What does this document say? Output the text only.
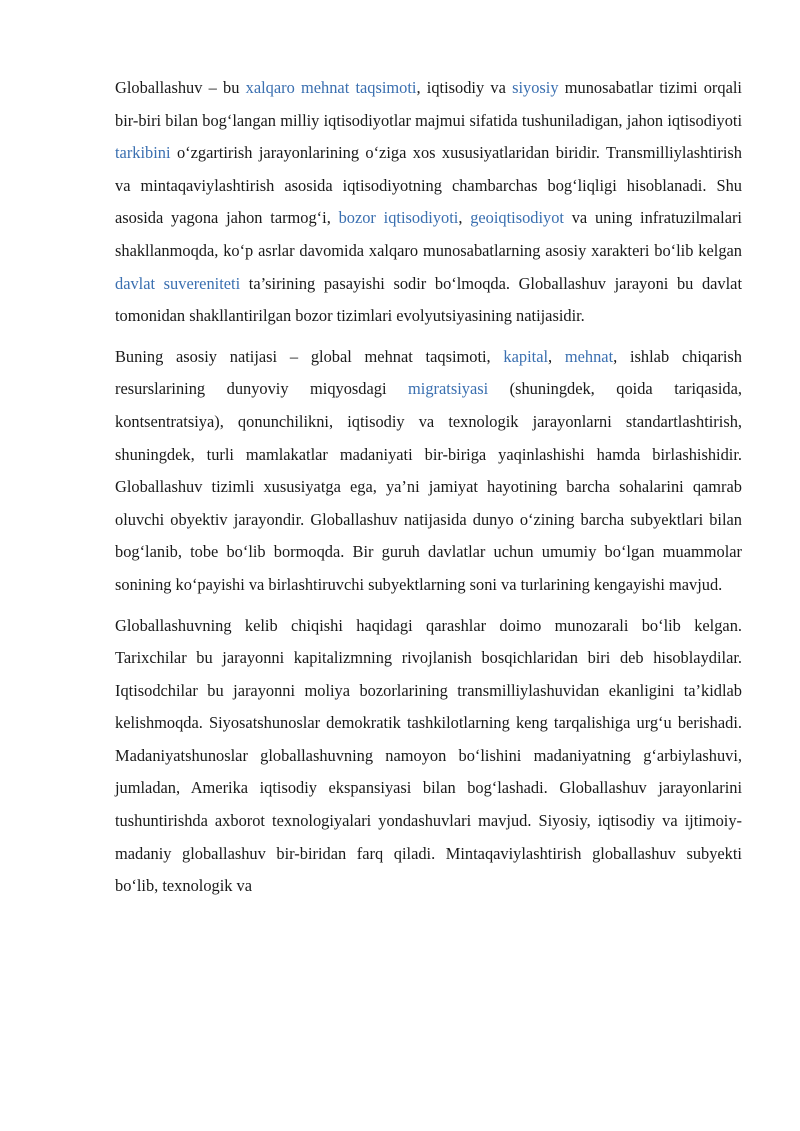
Globallashuv – bu xalqaro mehnat taqsimoti, iqtisodiy va siyosiy munosabatlar tizimi orqali bir-biri bilan bog‘langan milliy iqtisodiyotlar majmui sifatida tushuniladigan, jahon iqtisodiyoti tarkibini o‘zgartirish jarayonlarining o‘ziga xos xususiyatlaridan biridir. Transmilliylashtirish va mintaqaviylashtirish asosida iqtisodiyotning chambarchas bog‘liqligi hisoblanadi. Shu asosida yagona jahon tarmog‘i, bozor iqtisodiyoti, geoiqtisodiyot va uning infratuzilmalari shakllanmoqda, ko‘p asrlar davomida xalqaro munosabatlarning asosiy xarakteri bo‘lib kelgan davlat suvereniteti ta’sirining pasayishi sodir bo‘lmoqda. Globallashuv jarayoni bu davlat tomonidan shakllantirilgan bozor tizimlari evolyutsiyasining natijasidir.

Buning asosiy natijasi – global mehnat taqsimoti, kapital, mehnat, ishlab chiqarish resurslarining dunyoviy miqyosdagi migratsiyasi (shuningdek, qoida tariqasida, kontsentratsiya), qonunchilikni, iqtisodiy va texnologik jarayonlarni standartlashtirish, shuningdek, turli mamlakatlar madaniyati bir-biriga yaqinlashishi hamda birlashishidir. Globallashuv tizimli xususiyatga ega, ya’ni jamiyat hayotining barcha sohalarini qamrab oluvchi obyektiv jarayondir. Globallashuv natijasida dunyo o‘zining barcha subyektlari bilan bog‘lanib, tobe bo‘lib bormoqda. Bir guruh davlatlar uchun umumiy bo‘lgan muammolar sonining ko‘payishi va birlashtiruvchi subyektlarning soni va turlarining kengayishi mavjud.

Globallashuvning kelib chiqishi haqidagi qarashlar doimo munozarali bo‘lib kelgan. Tarixchilar bu jarayonni kapitalizmning rivojlanish bosqichlaridan biri deb hisoblaydilar. Iqtisodchilar bu jarayonni moliya bozorlarining transmilliylashuvidan ekanligini ta’kidlab kelishmoqda. Siyosatshunoslar demokratik tashkilotlarning keng tarqalishiga urg‘u berishadi. Madaniyatshunoslar globallashuvning namoyon bo‘lishini madaniyatning g‘arbiylashuvi, jumladan, Amerika iqtisodiy ekspansiyasi bilan bog‘lashadi. Globallashuv jarayonlarini tushuntirishda axborot texnologiyalari yondashuvlari mavjud. Siyosiy, iqtisodiy va ijtimoiy-madaniy globallashuv bir-biridan farq qiladi. Mintaqaviylashtirish globallashuv subyekti bo‘lib, texnologik va
